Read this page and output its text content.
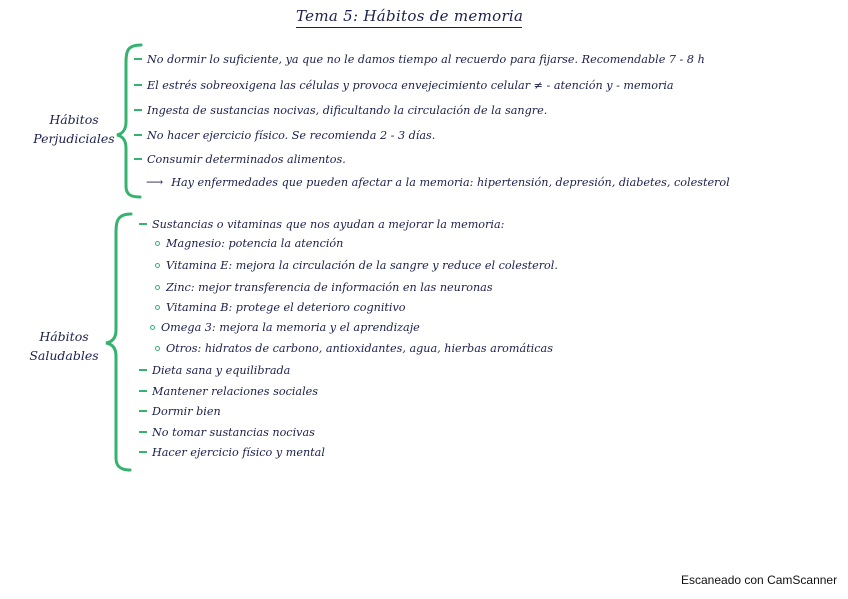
Tema 5: Hábitos de memoria
Hábitos
Perjudiciales
Hábitos
Saludables
No dormir lo suficiente, ya que no le damos tiempo al recuerdo para fijarse. Recomendable 7 - 8 h
El estrés sobreoxigena las células y provoca envejecimiento celular ≠ - atención y - memoria
Ingesta de sustancias nocivas, dificultando la circulación de la sangre.
No hacer ejercicio físico. Se recomienda 2 - 3 días.
Consumir determinados alimentos.
⟶ Hay enfermedades que pueden afectar a la memoria: hipertensión, depresión, diabetes, colesterol
Sustancias o vitaminas que nos ayudan a mejorar la memoria:
Magnesio: potencia la atención
Vitamina E: mejora la circulación de la sangre y reduce el colesterol.
Zinc: mejor transferencia de información en las neuronas
Vitamina B: protege el deterioro cognitivo
Omega 3: mejora la memoria y el aprendizaje
Otros: hidratos de carbono, antioxidantes, agua, hierbas aromáticas
Dieta sana y equilibrada
Mantener relaciones sociales
Dormir bien
No tomar sustancias nocivas
Hacer ejercicio físico y mental
Escaneado con CamScanner
